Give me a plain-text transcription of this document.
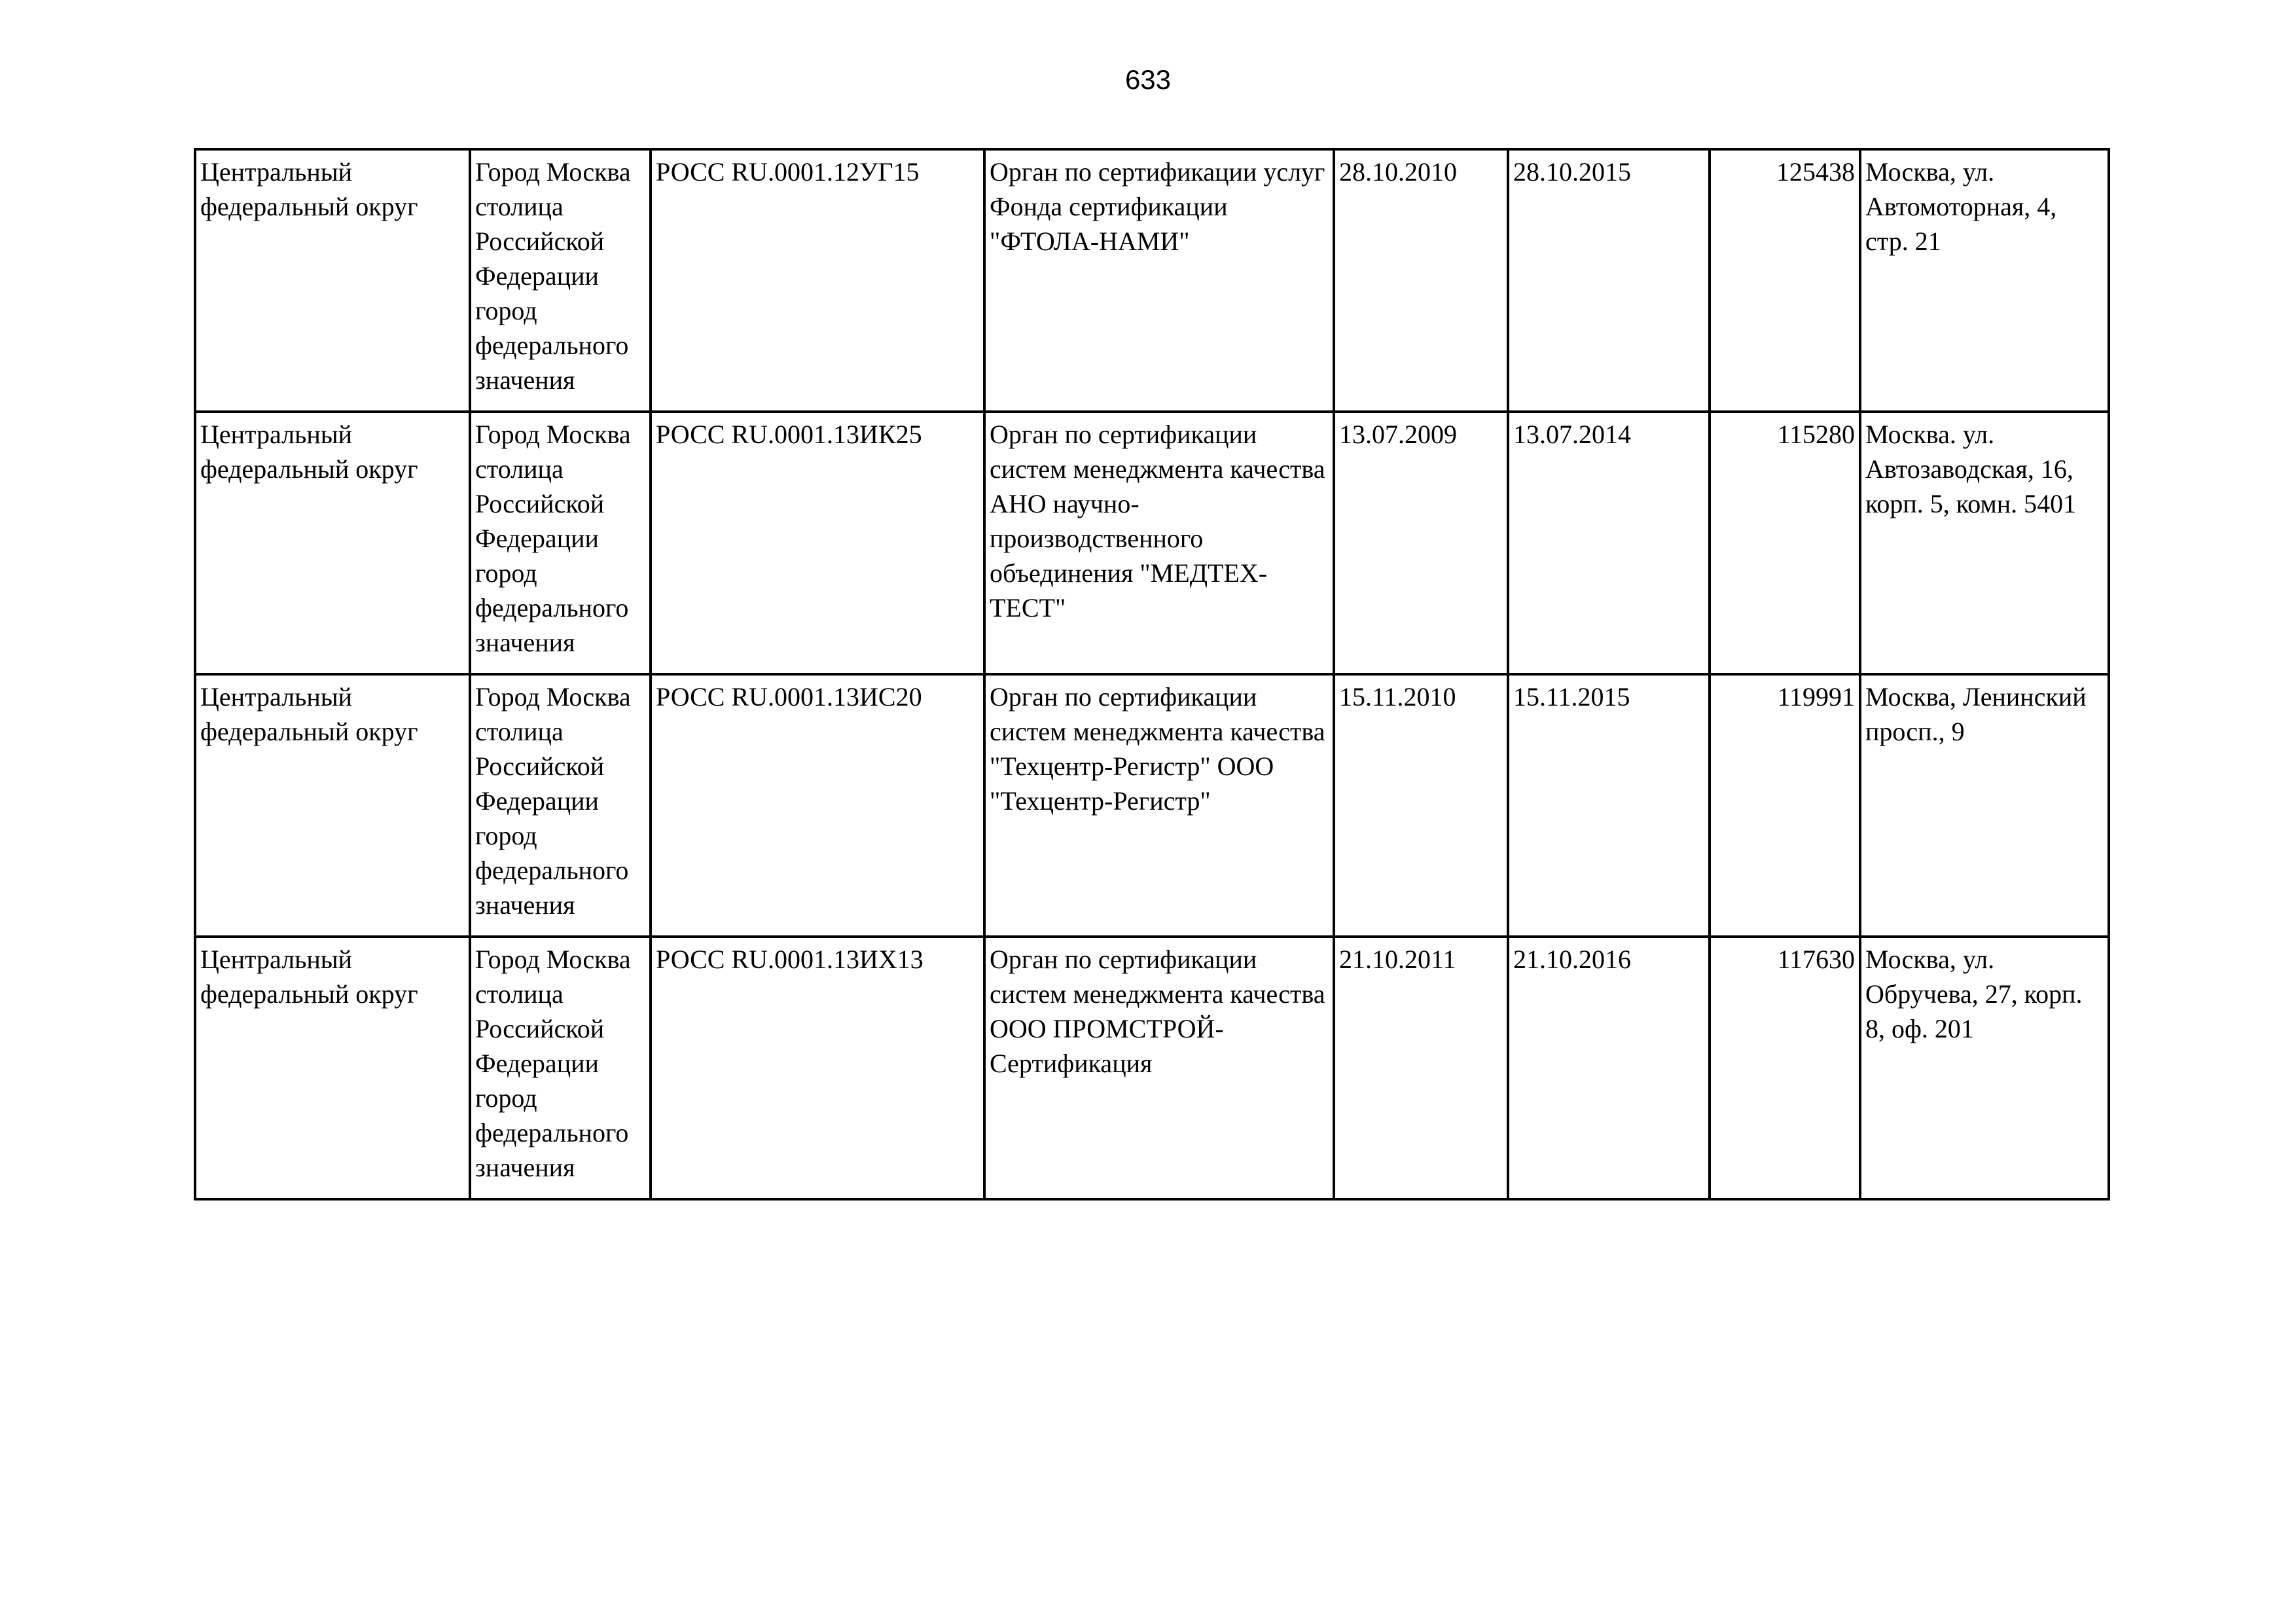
633
Центральный федеральный округ	Город Москва столица Российской Федерации город федерального значения	РОСС RU.0001.12УГ15	Орган по сертификации услуг Фонда сертификации "ФТОЛА-НАМИ"	28.10.2010	28.10.2015	125438	Москва, ул. Автомоторная, 4, стр. 21

Центральный федеральный округ	Город Москва столица Российской Федерации город федерального значения	РОСС RU.0001.13ИК25	Орган по сертификации систем менеджмента качества АНО научно-производственного объединения "МЕДТЕХ-ТЕСТ"	13.07.2009	13.07.2014	115280	Москва. ул. Автозаводская, 16, корп. 5, комн. 5401

Центральный федеральный округ	Город Москва столица Российской Федерации город федерального значения	РОСС RU.0001.13ИС20	Орган по сертификации систем менеджмента качества "Техцентр-Регистр" ООО "Техцентр-Регистр"	15.11.2010	15.11.2015	119991	Москва, Ленинский просп., 9

Центральный федеральный округ	Город Москва столица Российской Федерации город федерального значения	РОСС RU.0001.13ИХ13	Орган по сертификации систем менеджмента качества ООО ПРОМСТРОЙ-Сертификация	21.10.2011	21.10.2016	117630	Москва, ул. Обручева, 27, корп. 8, оф. 201
